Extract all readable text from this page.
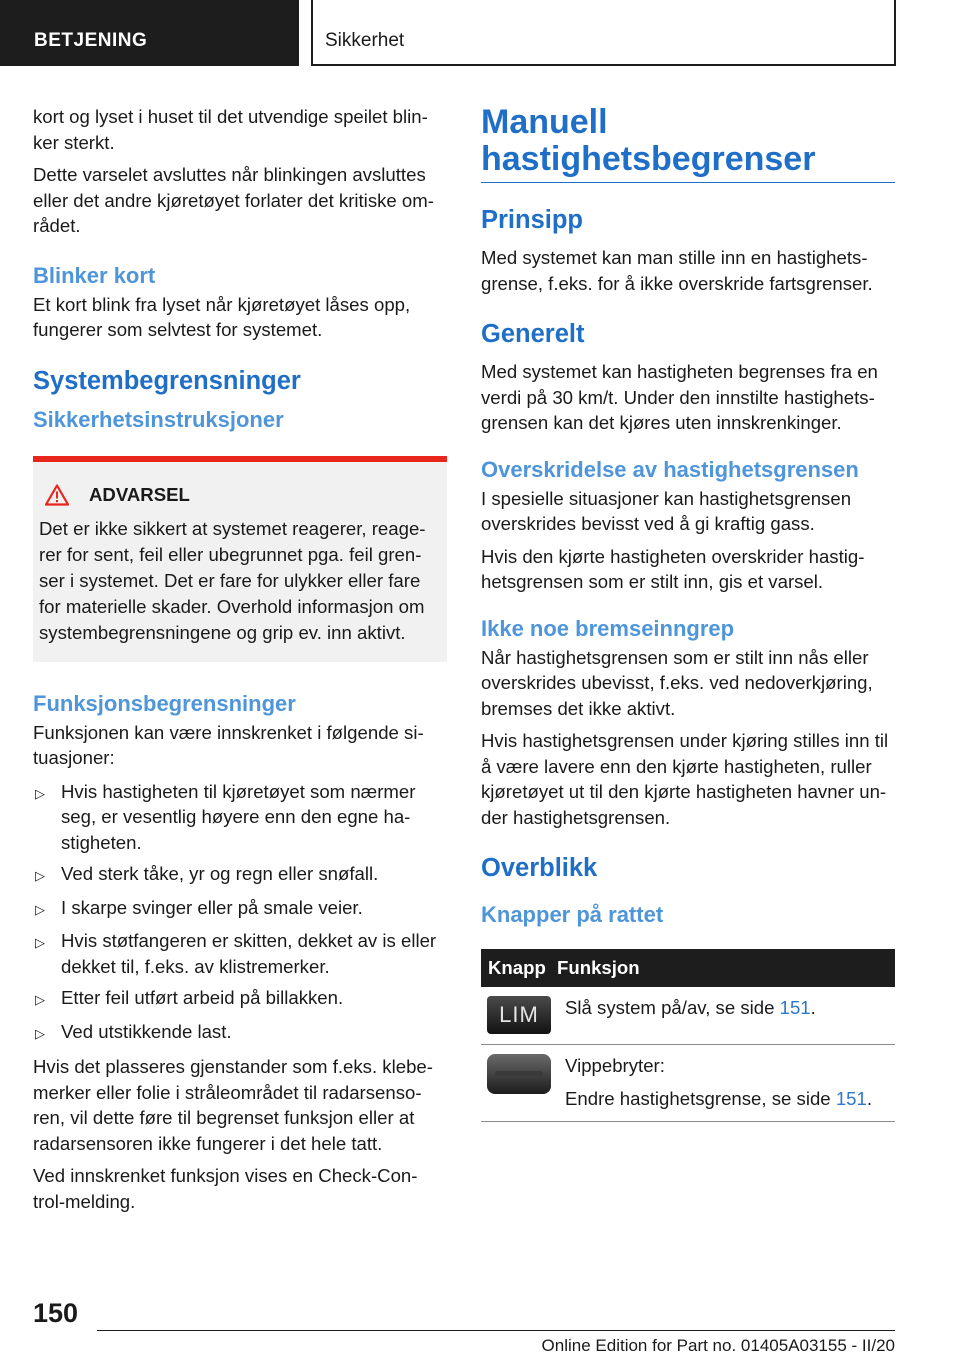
BETJENING	Sikkerhet

kort og lyset i huset til det utvendige speilet blin-ker sterkt.

Dette varselet avsluttes når blinkingen avsluttes eller det andre kjøretøyet forlater det kritiske om-rådet.

Blinker kort

Et kort blink fra lyset når kjøretøyet låses opp, fungerer som selvtest for systemet.

Systembegrensninger
Sikkerhetsinstruksjoner
ADVARSEL

Det er ikke sikkert at systemet reagerer, reage-rer for sent, feil eller ubegrunnet pga. feil gren-ser i systemet. Det er fare for ulykker eller fare for materielle skader. Overhold informasjon om systembegrensningene og grip ev. inn aktivt.

Funksjonsbegrensninger

Funksjonen kan være innskrenket i følgende si-tuasjoner:

▷ Hvis hastigheten til kjøretøyet som nærmer seg, er vesentlig høyere enn den egne ha-stigheten.
▷ Ved sterk tåke, yr og regn eller snøfall.
▷ I skarpe svinger eller på smale veier.
▷ Hvis støtfangeren er skitten, dekket av is eller dekket til, f.eks. av klistremerker.
▷ Etter feil utført arbeid på billakken.
▷ Ved utstikkende last.

Hvis det plasseres gjenstander som f.eks. klebe-merker eller folie i stråleområdet til radarsenso-ren, vil dette føre til begrenset funksjon eller at radarsensoren ikke fungerer i det hele tatt.

Ved innskrenket funksjon vises en Check-Con-trol-melding.

Manuell hastighetsbegrenser
Prinsipp

Med systemet kan man stille inn en hastighets-grense, f.eks. for å ikke overskride fartsgrenser.

Generelt

Med systemet kan hastigheten begrenses fra en verdi på 30 km/t. Under den innstilte hastighets-grensen kan det kjøres uten innskrenkinger.

Overskridelse av hastighetsgrensen

I spesielle situasjoner kan hastighetsgrensen overskrides bevisst ved å gi kraftig gass.

Hvis den kjørte hastigheten overskrider hastig-hetsgrensen som er stilt inn, gis et varsel.

Ikke noe bremseinngrep

Når hastighetsgrensen som er stilt inn nås eller overskrides ubevisst, f.eks. ved nedoverkjøring, bremses det ikke aktivt.

Hvis hastighetsgrensen under kjøring stilles inn til å være lavere enn den kjørte hastigheten, ruller kjøretøyet ut til den kjørte hastigheten havner un-der hastighetsgrensen.

Overblikk
Knapper på rattet
Knapp	Funksjon

LIM	Slå system på/av, se side 151.

	Vippebryter:
Endre hastighetsgrense, se side 151.
150
Online Edition for Part no. 01405A03155 - II/20
